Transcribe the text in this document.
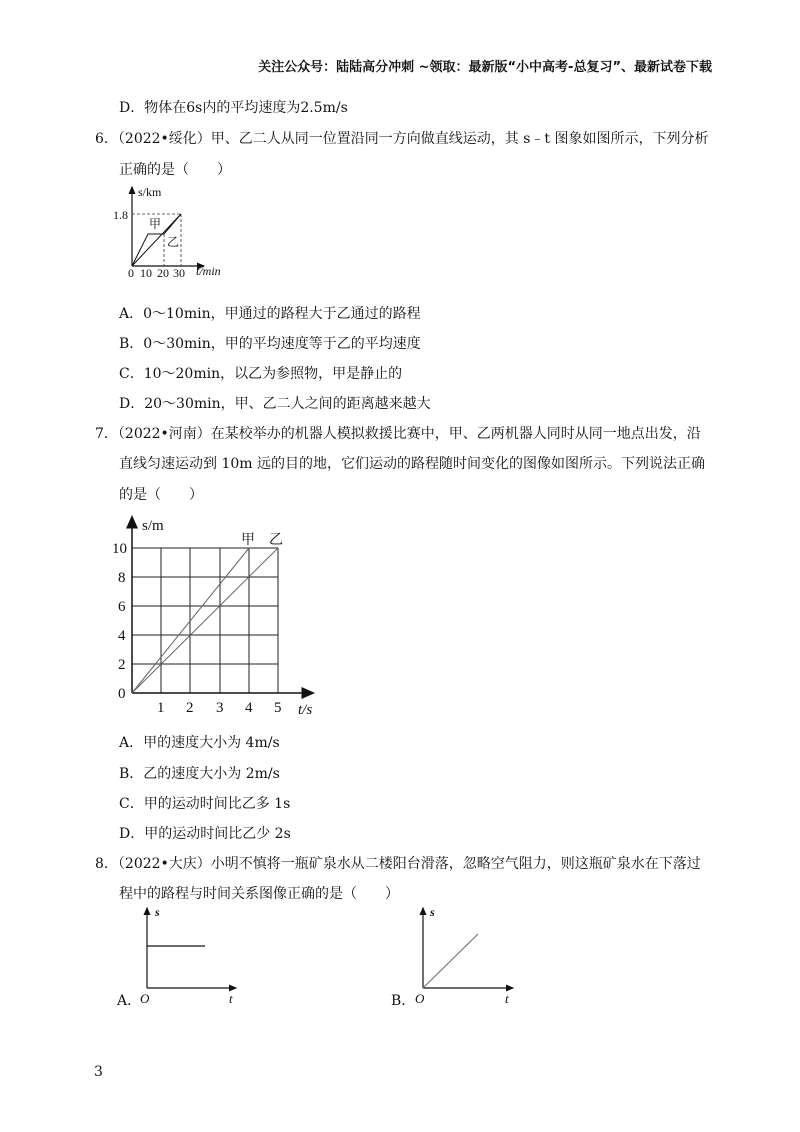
关注公众号：陆陆高分冲刺 ~领取：最新版“小中高考-总复习”、最新试卷下载
D．物体在6s内的平均速度为2.5m/s
6．（2022•绥化）甲、乙二人从同一位置沿同一方向做直线运动，其 s﹣t 图象如图所示，下列分析
正确的是（　　）
s/km
1.8
甲
乙
0 10 20 30 t/min
A．0～10min，甲通过的路程大于乙通过的路程
B．0～30min，甲的平均速度等于乙的平均速度
C．10～20min，以乙为参照物，甲是静止的
D．20～30min，甲、乙二人之间的距离越来越大
7．（2022•河南）在某校举办的机器人模拟救援比赛中，甲、乙两机器人同时从同一地点出发，沿
直线匀速运动到 10m 远的目的地，它们运动的路程随时间变化的图像如图所示。下列说法正确
的是（　　）
s/m
10
8
6
4
2
0
1 2 3 4 5 t/s
甲 乙
A．甲的速度大小为 4m/s
B．乙的速度大小为 2m/s
C．甲的运动时间比乙多 1s
D．甲的运动时间比乙少 2s
8．（2022•大庆）小明不慎将一瓶矿泉水从二楼阳台滑落，忽略空气阻力，则这瓶矿泉水在下落过
程中的路程与时间关系图像正确的是（　　）
A．
s
O	t	B．
s
O	t
3
